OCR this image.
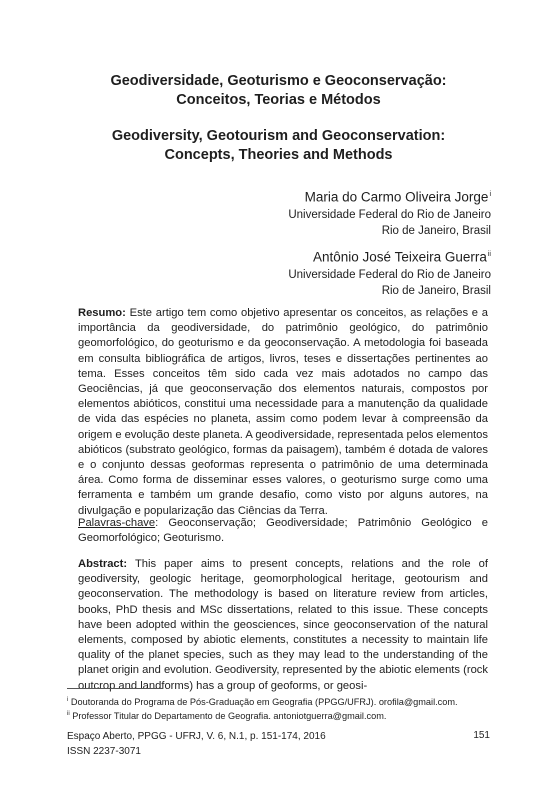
Geodiversidade, Geoturismo e Geoconservação:
Conceitos, Teorias e Métodos
Geodiversity, Geotourism and Geoconservation:
Concepts, Theories and Methods
Maria do Carmo Oliveira Jorge$^i$
Universidade Federal do Rio de Janeiro
Rio de Janeiro, Brasil
Antônio José Teixeira Guerra$^{ii}$
Universidade Federal do Rio de Janeiro
Rio de Janeiro, Brasil

Resumo: Este artigo tem como objetivo apresentar os conceitos, as relações e a importância da geodiversidade, do patrimônio geológico, do patrimônio geomorfológico, do geoturismo e da geoconservação. A metodologia foi baseada em consulta bibliográfica de artigos, livros, teses e dissertações pertinentes ao tema. Esses conceitos têm sido cada vez mais adotados no campo das Geociências, já que geoconservação dos elementos naturais, compostos por elementos abióticos, constitui uma necessidade para a manutenção da qualidade de vida das espécies no planeta, assim como podem levar à compreensão da origem e evolução deste planeta. A geodiversidade, representada pelos elementos abióticos (substrato geológico, formas da paisagem), também é dotada de valores e o conjunto dessas geoformas representa o patrimônio de uma determinada área. Como forma de disseminar esses valores, o geoturismo surge como uma ferramenta e também um grande desafio, como visto por alguns autores, na divulgação e popularização das Ciências da Terra.

Palavras-chave: Geoconservação; Geodiversidade; Patrimônio Geológico e Geomorfológico; Geoturismo.

Abstract: This paper aims to present concepts, relations and the role of geodiversity, geologic heritage, geomorphological heritage, geotourism and geoconservation. The methodology is based on literature review from articles, books, PhD thesis and MSc dissertations, related to this issue. These concepts have been adopted within the geosciences, since geoconservation of the natural elements, composed by abiotic elements, constitutes a necessity to maintain life quality of the planet species, such as they may lead to the understanding of the planet origin and evolution. Geodiversity, represented by the abiotic elements (rock outcrop and landforms) has a group of geoforms, or geosi-

$^i$ Doutoranda do Programa de Pós-Graduação em Geografia (PPGG/UFRJ). orofila@gmail.com.
$^{ii}$ Professor Titular do Departamento de Geografia. antoniotguerra@gmail.com.
Espaço Aberto, PPGG - UFRJ, V. 6, N.1, p. 151-174, 2016
ISSN 2237-3071
151
